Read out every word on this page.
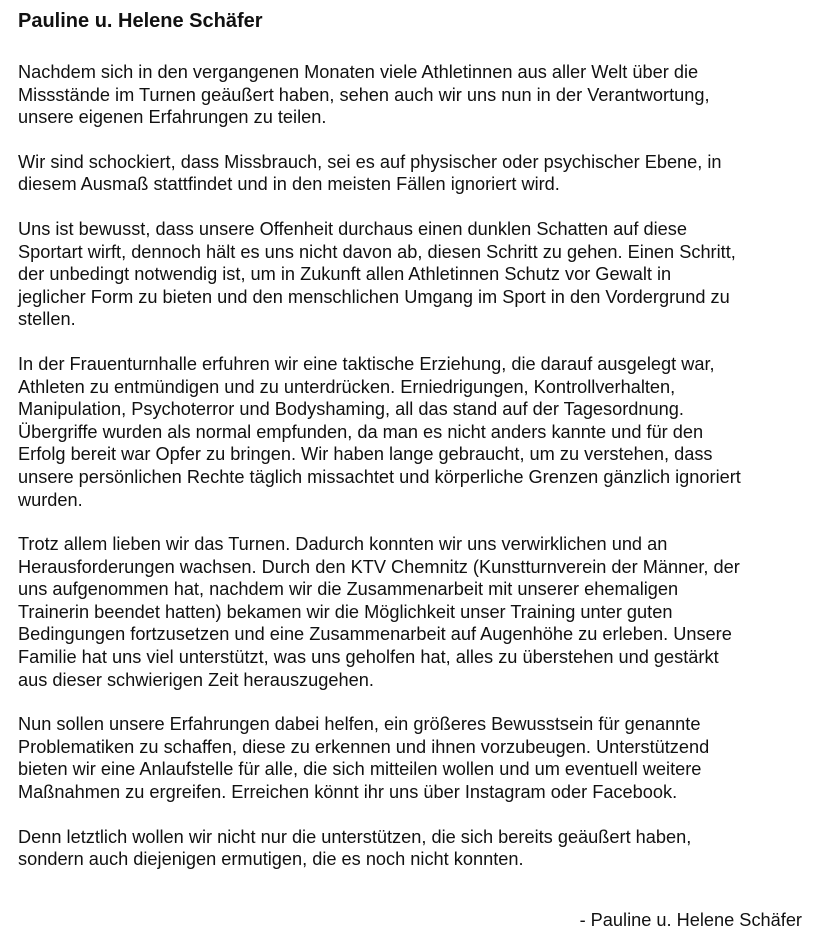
Pauline u. Helene Schäfer

Nachdem sich in den vergangenen Monaten viele Athletinnen aus aller Welt über die
Missstände im Turnen geäußert haben, sehen auch wir uns nun in der Verantwortung,
unsere eigenen Erfahrungen zu teilen.

Wir sind schockiert, dass Missbrauch, sei es auf physischer oder psychischer Ebene, in
diesem Ausmaß stattfindet und in den meisten Fällen ignoriert wird.

Uns ist bewusst, dass unsere Offenheit durchaus einen dunklen Schatten auf diese
Sportart wirft, dennoch hält es uns nicht davon ab, diesen Schritt zu gehen. Einen Schritt,
der unbedingt notwendig ist, um in Zukunft allen Athletinnen Schutz vor Gewalt in
jeglicher Form zu bieten und den menschlichen Umgang im Sport in den Vordergrund zu
stellen.

In der Frauenturnhalle erfuhren wir eine taktische Erziehung, die darauf ausgelegt war,
Athleten zu entmündigen und zu unterdrücken. Erniedrigungen, Kontrollverhalten,
Manipulation, Psychoterror und Bodyshaming, all das stand auf der Tagesordnung.
Übergriffe wurden als normal empfunden, da man es nicht anders kannte und für den
Erfolg bereit war Opfer zu bringen. Wir haben lange gebraucht, um zu verstehen, dass
unsere persönlichen Rechte täglich missachtet und körperliche Grenzen gänzlich ignoriert
wurden.

Trotz allem lieben wir das Turnen. Dadurch konnten wir uns verwirklichen und an
Herausforderungen wachsen. Durch den KTV Chemnitz (Kunstturnverein der Männer, der
uns aufgenommen hat, nachdem wir die Zusammenarbeit mit unserer ehemaligen
Trainerin beendet hatten) bekamen wir die Möglichkeit unser Training unter guten
Bedingungen fortzusetzen und eine Zusammenarbeit auf Augenhöhe zu erleben. Unsere
Familie hat uns viel unterstützt, was uns geholfen hat, alles zu überstehen und gestärkt
aus dieser schwierigen Zeit herauszugehen.

Nun sollen unsere Erfahrungen dabei helfen, ein größeres Bewusstsein für genannte
Problematiken zu schaffen, diese zu erkennen und ihnen vorzubeugen. Unterstützend
bieten wir eine Anlaufstelle für alle, die sich mitteilen wollen und um eventuell weitere
Maßnahmen zu ergreifen. Erreichen könnt ihr uns über Instagram oder Facebook.

Denn letztlich wollen wir nicht nur die unterstützen, die sich bereits geäußert haben,
sondern auch diejenigen ermutigen, die es noch nicht konnten.

- Pauline u. Helene Schäfer
